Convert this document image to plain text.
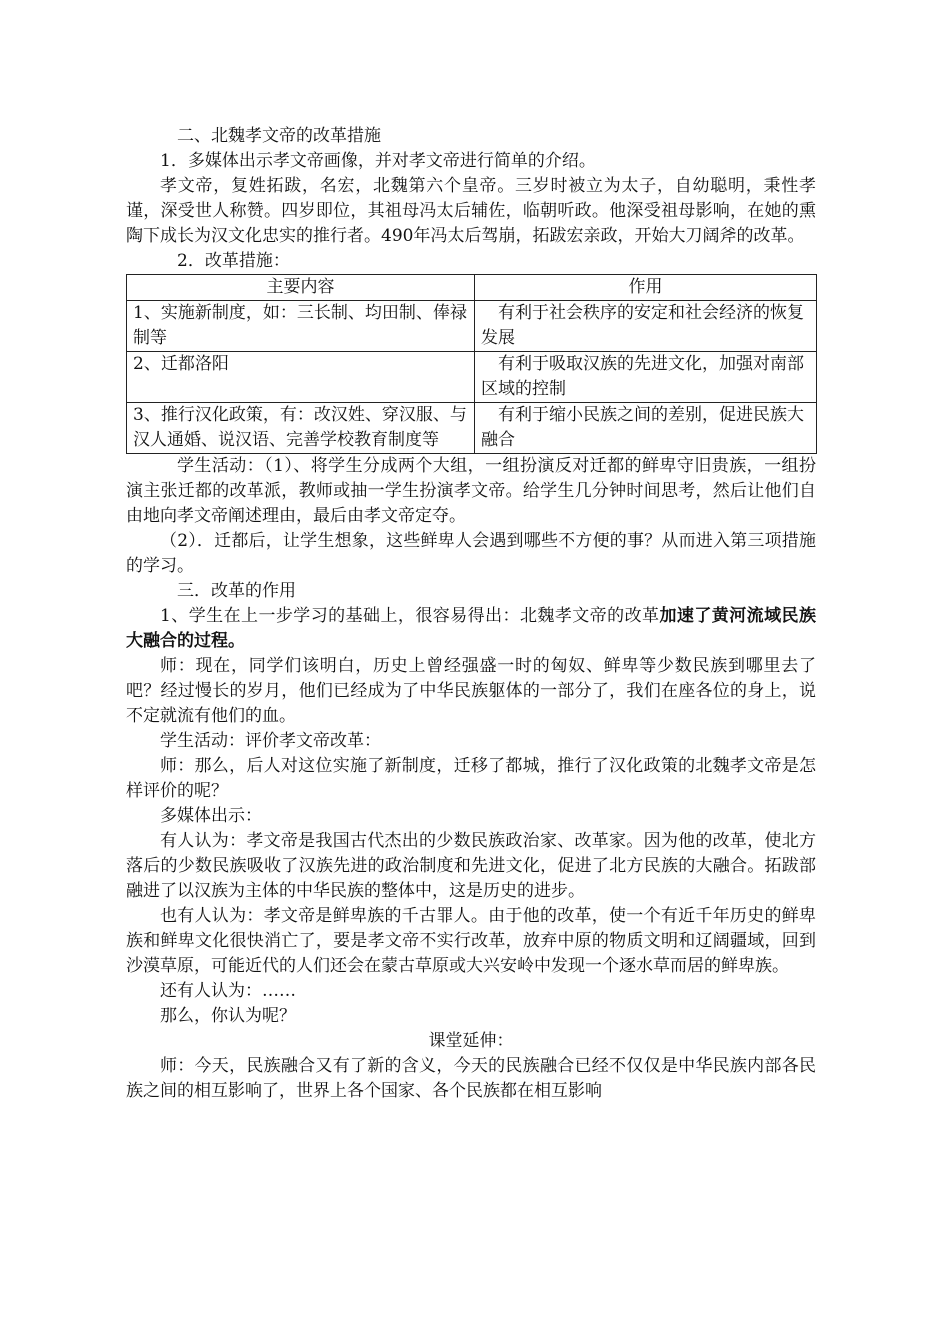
二、北魏孝文帝的改革措施

1．多媒体出示孝文帝画像，并对孝文帝进行简单的介绍。

孝文帝，复姓拓跋，名宏，北魏第六个皇帝。三岁时被立为太子，自幼聪明，秉性孝谨，深受世人称赞。四岁即位，其祖母冯太后辅佐，临朝听政。他深受祖母影响，在她的熏陶下成长为汉文化忠实的推行者。490年冯太后驾崩，拓跋宏亲政，开始大刀阔斧的改革。

2．改革措施：

主要内容	作用
1、实施新制度，如：三长制、均田制、俸禄制等	有利于社会秩序的安定和社会经济的恢复发展
2、迁都洛阳	有利于吸取汉族的先进文化，加强对南部区域的控制
3、推行汉化政策，有：改汉姓、穿汉服、与汉人通婚、说汉语、完善学校教育制度等	有利于缩小民族之间的差别，促进民族大融合

学生活动：（1）、将学生分成两个大组，一组扮演反对迁都的鲜卑守旧贵族，一组扮演主张迁都的改革派，教师或抽一学生扮演孝文帝。给学生几分钟时间思考，然后让他们自由地向孝文帝阐述理由，最后由孝文帝定夺。

（2）．迁都后，让学生想象，这些鲜卑人会遇到哪些不方便的事？从而进入第三项措施的学习。

三．改革的作用

1、学生在上一步学习的基础上，很容易得出：北魏孝文帝的改革加速了黄河流域民族大融合的过程。

师：现在，同学们该明白，历史上曾经强盛一时的匈奴、鲜卑等少数民族到哪里去了吧？经过慢长的岁月，他们已经成为了中华民族躯体的一部分了，我们在座各位的身上，说不定就流有他们的血。

学生活动：评价孝文帝改革：

师：那么，后人对这位实施了新制度，迁移了都城，推行了汉化政策的北魏孝文帝是怎样评价的呢？

多媒体出示：

有人认为：孝文帝是我国古代杰出的少数民族政治家、改革家。因为他的改革，使北方落后的少数民族吸收了汉族先进的政治制度和先进文化，促进了北方民族的大融合。拓跋部融进了以汉族为主体的中华民族的整体中，这是历史的进步。

也有人认为：孝文帝是鲜卑族的千古罪人。由于他的改革，使一个有近千年历史的鲜卑族和鲜卑文化很快消亡了，要是孝文帝不实行改革，放弃中原的物质文明和辽阔疆域，回到沙漠草原，可能近代的人们还会在蒙古草原或大兴安岭中发现一个逐水草而居的鲜卑族。

还有人认为：……

那么，你认为呢？

课堂延伸：

师：今天，民族融合又有了新的含义，今天的民族融合已经不仅仅是中华民族内部各民族之间的相互影响了，世界上各个国家、各个民族都在相互影响
